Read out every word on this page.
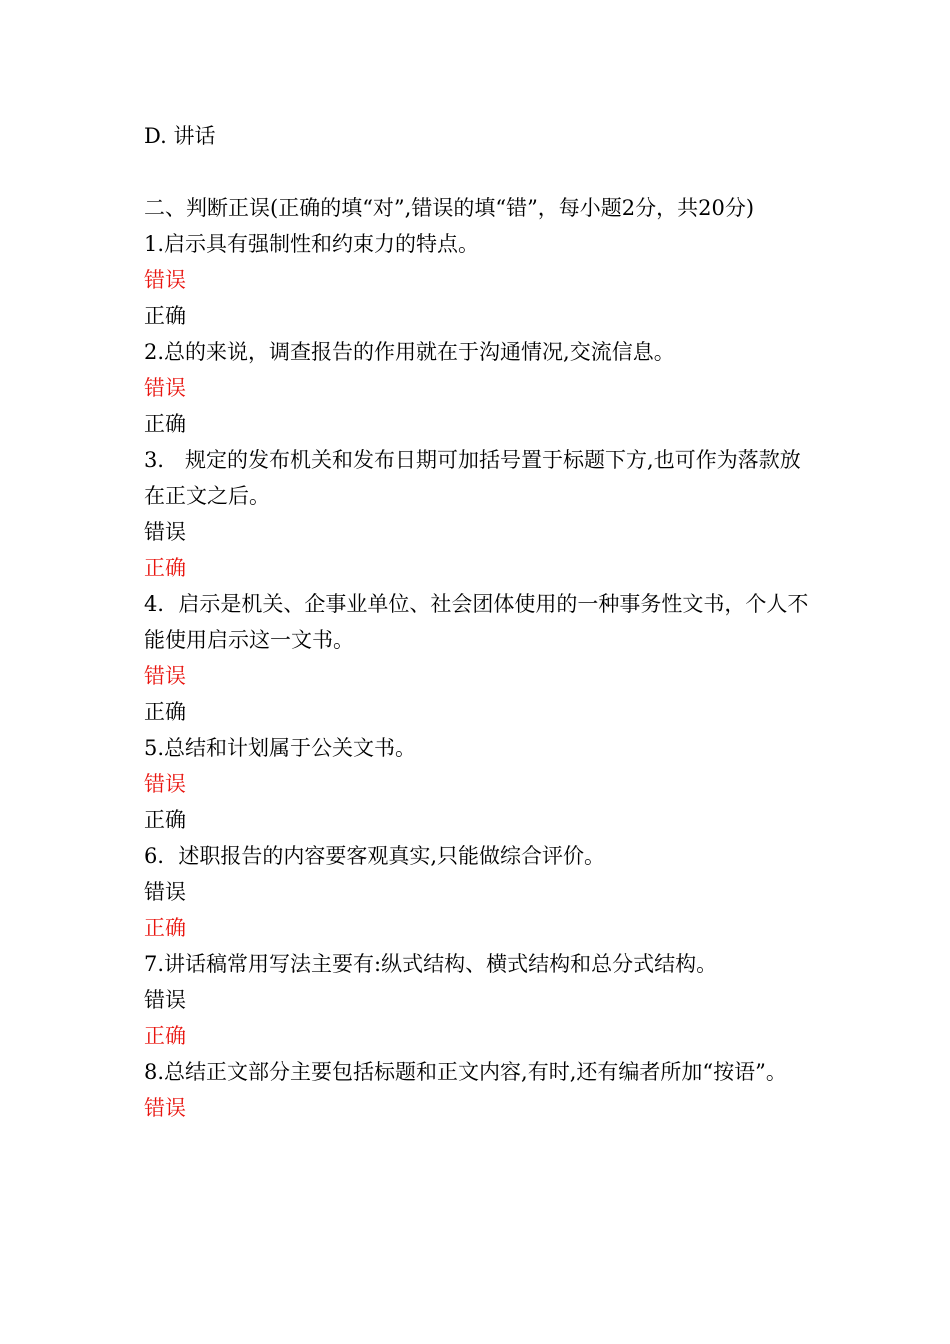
D. 讲话
二、判断正误(正确的填“对”,错误的填“错”，每小题2分，共20分)
1.启示具有强制性和约束力的特点。
错误
正确
2.总的来说，调查报告的作用就在于沟通情况,交流信息。
错误
正确
3． 规定的发布机关和发布日期可加括号置于标题下方,也可作为落款放在正文之后。
错误
正确
4．启示是机关、企事业单位、社会团体使用的一种事务性文书，个人不能使用启示这一文书。
错误
正确
5.总结和计划属于公关文书。
错误
正确
6．述职报告的内容要客观真实,只能做综合评价。
错误
正确
7.讲话稿常用写法主要有:纵式结构、横式结构和总分式结构。
错误
正确
8.总结正文部分主要包括标题和正文内容,有时,还有编者所加“按语”。
错误
